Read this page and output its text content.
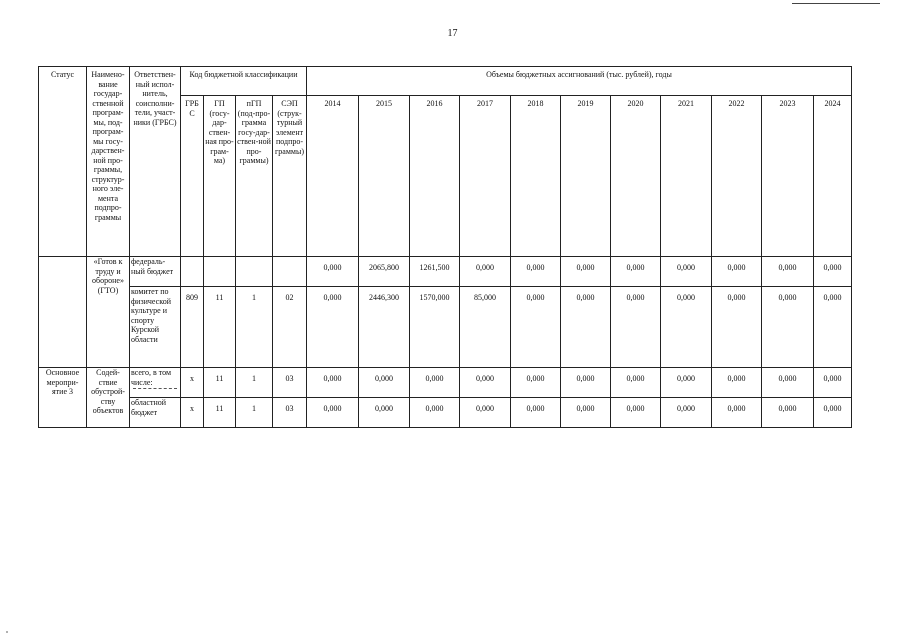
17
Статус	Наимено-вание государ-ственной програм-мы, под-програм-мы госу-дарствен-ной про-граммы, структур-ного эле-мента подпро-граммы	Ответствен-ный испол-нитель, соисполни-тели, участ-ники (ГРБС)	Код бюджетной классификации				Объемы бюджетных ассигнований (тыс. рублей), годы										
			ГРБ С	ГП (госу-дар-ствен-ная про-грам-ма)	пГП (под-про-грамма госу-дар-ствен-ной про-граммы)	СЭП (струк-турный элемент подпро-граммы)	2014	2015	2016	2017	2018	2019	2020	2021	2022	2023	2024
	«Готов к труду и обороне» (ГТО)	федераль-ный бюджет					0,000	2065,800	1261,500	0,000	0,000	0,000	0,000	0,000	0,000	0,000	0,000
		комитет по физической культуре и спорту Курской области	809	11	1	02	0,000	2446,300	1570,000	85,000	0,000	0,000	0,000	0,000	0,000	0,000	0,000
Основное меропри-ятие 3	Содей-ствие обустрой-ству объектов	всего, в том числе:	х	11	1	03	0,000	0,000	0,000	0,000	0,000	0,000	0,000	0,000	0,000	0,000	0,000
		областной бюджет	х	11	1	03	0,000	0,000	0,000	0,000	0,000	0,000	0,000	0,000	0,000	0,000	0,000
